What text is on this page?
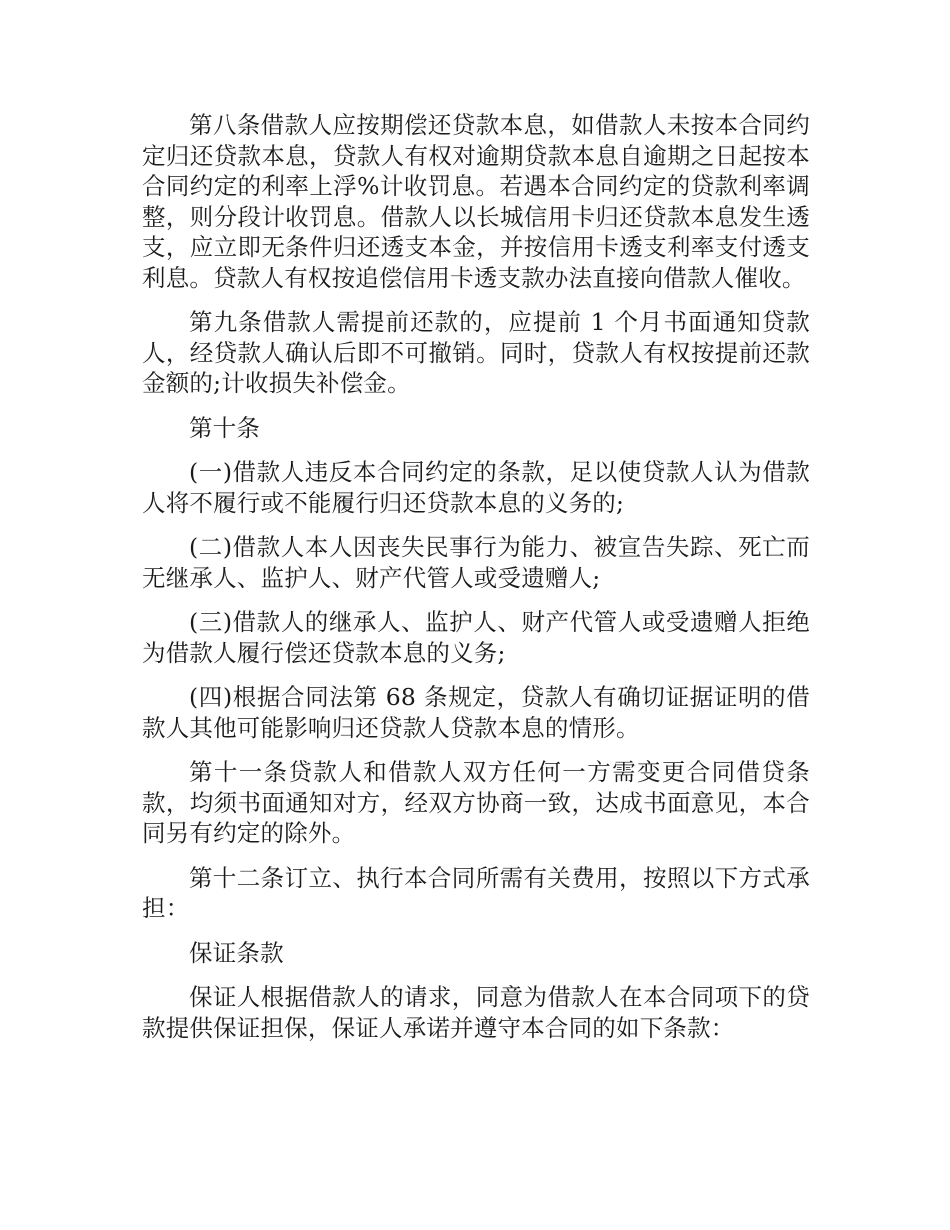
第八条借款人应按期偿还贷款本息，如借款人未按本合同约定归还贷款本息，贷款人有权对逾期贷款本息自逾期之日起按本合同约定的利率上浮%计收罚息。若遇本合同约定的贷款利率调整，则分段计收罚息。借款人以长城信用卡归还贷款本息发生透支，应立即无条件归还透支本金，并按信用卡透支利率支付透支利息。贷款人有权按追偿信用卡透支款办法直接向借款人催收。

第九条借款人需提前还款的，应提前 1 个月书面通知贷款人，经贷款人确认后即不可撤销。同时，贷款人有权按提前还款金额的;计收损失补偿金。

第十条

(一)借款人违反本合同约定的条款，足以使贷款人认为借款人将不履行或不能履行归还贷款本息的义务的;

(二)借款人本人因丧失民事行为能力、被宣告失踪、死亡而无继承人、监护人、财产代管人或受遗赠人;

(三)借款人的继承人、监护人、财产代管人或受遗赠人拒绝为借款人履行偿还贷款本息的义务;

(四)根据合同法第 68 条规定，贷款人有确切证据证明的借款人其他可能影响归还贷款人贷款本息的情形。

第十一条贷款人和借款人双方任何一方需变更合同借贷条款，均须书面通知对方，经双方协商一致，达成书面意见，本合同另有约定的除外。

第十二条订立、执行本合同所需有关费用，按照以下方式承担：

保证条款

保证人根据借款人的请求，同意为借款人在本合同项下的贷款提供保证担保，保证人承诺并遵守本合同的如下条款：
